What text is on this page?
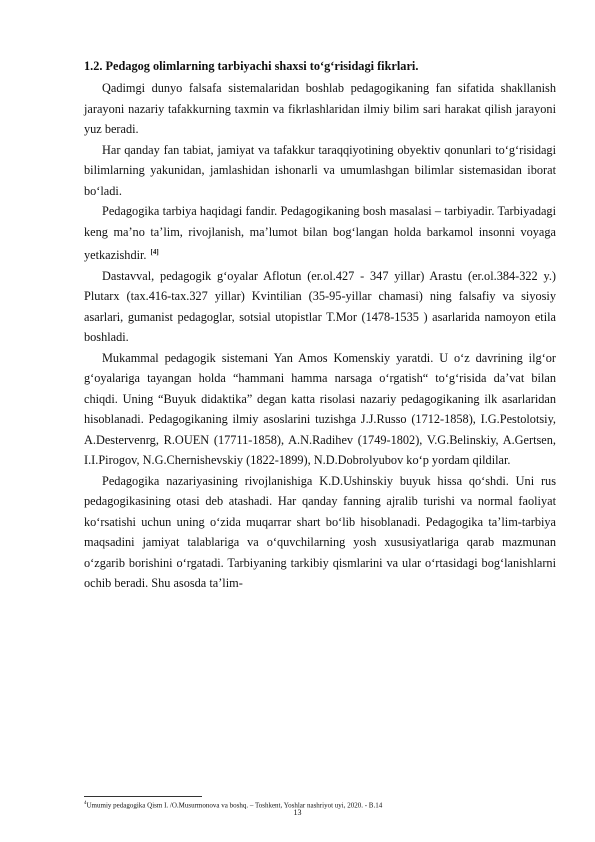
1.2. Pedagog olimlarning tarbiyachi shaxsi to‘g‘risidagi fikrlari.

Qadimgi dunyo falsafa sistemalaridan boshlab pedagogikaning fan sifatida shakllanish jarayoni nazariy tafakkurning taxmin va fikrlashlaridan ilmiy bilim sari harakat qilish jarayoni yuz beradi.

Har qanday fan tabiat, jamiyat va tafakkur taraqqiyotining obyektiv qonunlari to‘g‘risidagi bilimlarning yakunidan, jamlashidan ishonarli va umumlashgan bilimlar sistemasidan iborat bo‘ladi.

Pedagogika tarbiya haqidagi fandir. Pedagogikaning bosh masalasi – tarbiyadir. Tarbiyadagi keng ma’no ta’lim, rivojlanish, ma’lumot bilan bog‘langan holda barkamol insonni voyaga yetkazishdir. [4]

Dastavval, pedagogik g‘oyalar Aflotun (er.ol.427 - 347 yillar) Arastu (er.ol.384-322 y.) Plutarx (tax.416-tax.327 yillar) Kvintilian (35-95-yillar chamasi) ning falsafiy va siyosiy asarlari, gumanist pedagoglar, sotsial utopistlar T.Mor (1478-1535 ) asarlarida namoyon etila boshladi.

Mukammal pedagogik sistemani Yan Amos Komenskiy yaratdi. U o‘z davrining ilg‘or g‘oyalariga tayangan holda “hammani hamma narsaga o‘rgatish“ to‘g‘risida da’vat bilan chiqdi. Uning “Buyuk didaktika” degan katta risolasi nazariy pedagogikaning ilk asarlaridan hisoblanadi. Pedagogikaning ilmiy asoslarini tuzishga J.J.Russo (1712-1858), I.G.Pestolotsiy, A.Destervenrg, R.OUEN (17711-1858), A.N.Radihev (1749-1802), V.G.Belinskiy, A.Gertsen, I.I.Pirogov, N.G.Chernishevskiy (1822-1899), N.D.Dobrolyubov ko‘p yordam qildilar.

Pedagogika nazariyasining rivojlanishiga K.D.Ushinskiy buyuk hissa qo‘shdi. Uni rus pedagogikasining otasi deb atashadi. Har qanday fanning ajralib turishi va normal faoliyat ko‘rsatishi uchun uning o‘zida muqarrar shart bo‘lib hisoblanadi. Pedagogika ta’lim-tarbiya maqsadini jamiyat talablariga va o‘quvchilarning yosh xususiyatlariga qarab mazmunan o‘zgarib borishini o‘rgatadi. Tarbiyaning tarkibiy qismlarini va ular o‘rtasidagi bog‘lanishlarni ochib beradi. Shu asosda ta’lim-

$^4$Umumiy pedagogika Qism I. /O.Musurmonova va boshq. – Toshkent, Yoshlar nashriyot uyi, 2020. - B.14
13
